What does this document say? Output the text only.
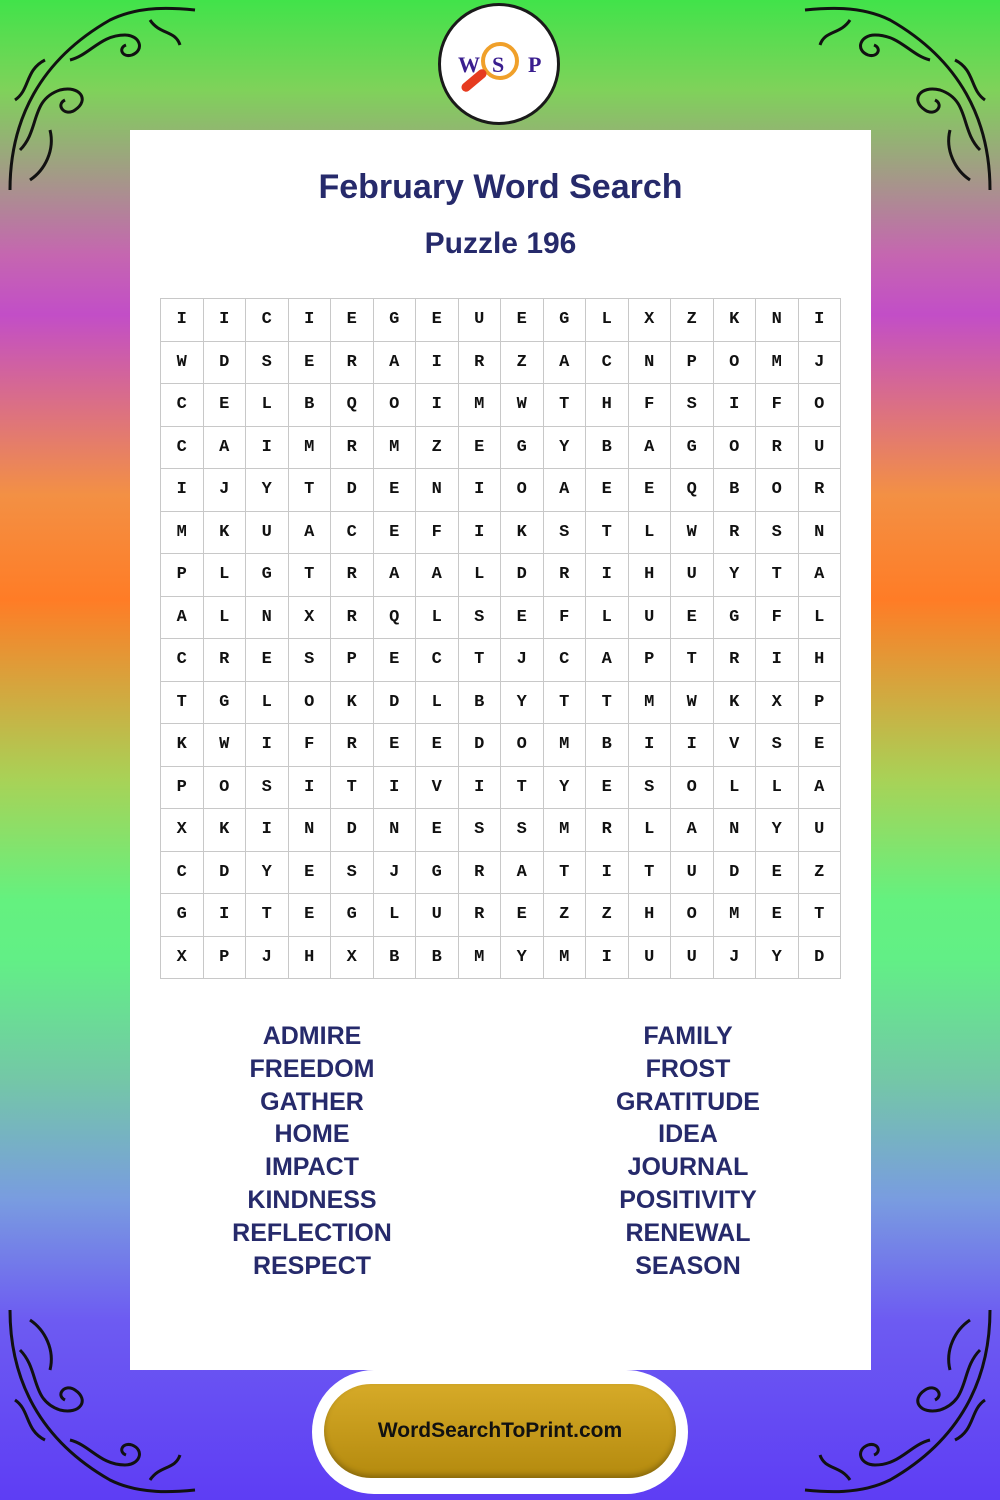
W S P
February Word Search
Puzzle 196
I	I	C	I	E	G	E	U	E	G	L	X	Z	K	N	I
W	D	S	E	R	A	I	R	Z	A	C	N	P	O	M	J
C	E	L	B	Q	O	I	M	W	T	H	F	S	I	F	O
C	A	I	M	R	M	Z	E	G	Y	B	A	G	O	R	U
I	J	Y	T	D	E	N	I	O	A	E	E	Q	B	O	R
M	K	U	A	C	E	F	I	K	S	T	L	W	R	S	N
P	L	G	T	R	A	A	L	D	R	I	H	U	Y	T	A
A	L	N	X	R	Q	L	S	E	F	L	U	E	G	F	L
C	R	E	S	P	E	C	T	J	C	A	P	T	R	I	H
T	G	L	O	K	D	L	B	Y	T	T	M	W	K	X	P
K	W	I	F	R	E	E	D	O	M	B	I	I	V	S	E
P	O	S	I	T	I	V	I	T	Y	E	S	O	L	L	A
X	K	I	N	D	N	E	S	S	M	R	L	A	N	Y	U
C	D	Y	E	S	J	G	R	A	T	I	T	U	D	E	Z
G	I	T	E	G	L	U	R	E	Z	Z	H	O	M	E	T
X	P	J	H	X	B	B	M	Y	M	I	U	U	J	Y	D
ADMIRE
FREEDOM
GATHER
HOME
IMPACT
KINDNESS
REFLECTION
RESPECT
FAMILY
FROST
GRATITUDE
IDEA
JOURNAL
POSITIVITY
RENEWAL
SEASON
WordSearchToPrint.com
